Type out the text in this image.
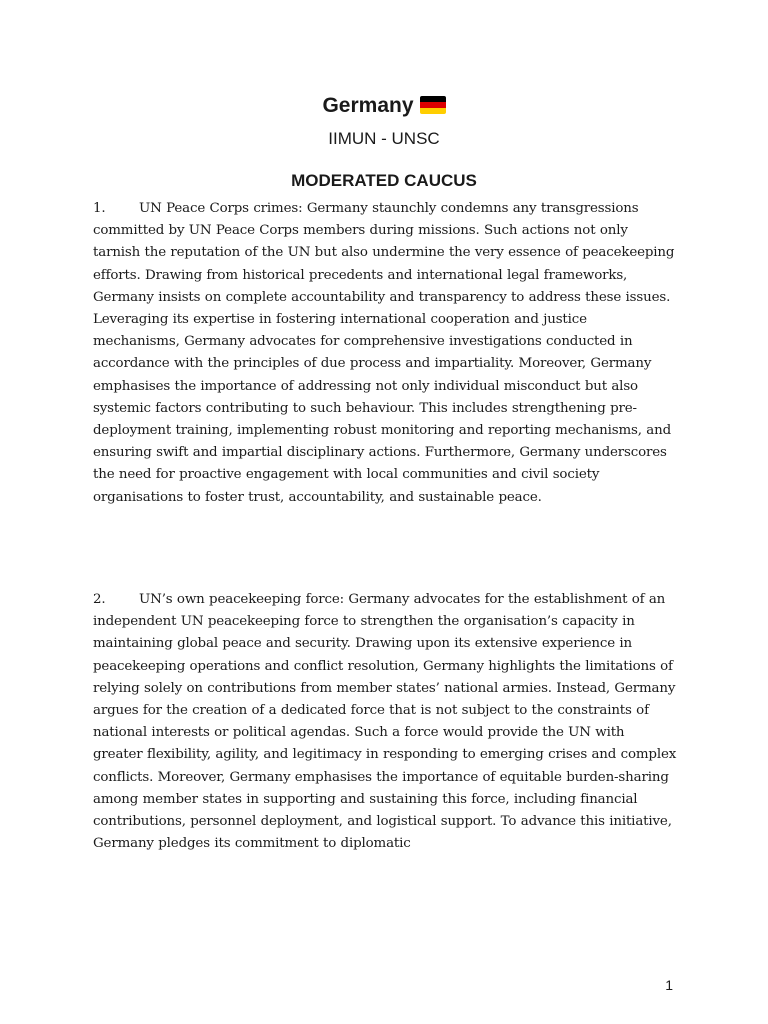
Germany
IIMUN - UNSC
MODERATED CAUCUS

1.	UN Peace Corps crimes: Germany staunchly condemns any transgressions committed by UN Peace Corps members during missions. Such actions not only tarnish the reputation of the UN but also undermine the very essence of peacekeeping efforts. Drawing from historical precedents and international legal frameworks, Germany insists on complete accountability and transparency to address these issues. Leveraging its expertise in fostering international cooperation and justice mechanisms, Germany advocates for comprehensive investigations conducted in accordance with the principles of due process and impartiality. Moreover, Germany emphasises the importance of addressing not only individual misconduct but also systemic factors contributing to such behaviour. This includes strengthening pre-deployment training, implementing robust monitoring and reporting mechanisms, and ensuring swift and impartial disciplinary actions. Furthermore, Germany underscores the need for proactive engagement with local communities and civil society organisations to foster trust, accountability, and sustainable peace.

2.	UN’s own peacekeeping force: Germany advocates for the establishment of an independent UN peacekeeping force to strengthen the organisation’s capacity in maintaining global peace and security. Drawing upon its extensive experience in peacekeeping operations and conflict resolution, Germany highlights the limitations of relying solely on contributions from member states’ national armies. Instead, Germany argues for the creation of a dedicated force that is not subject to the constraints of national interests or political agendas. Such a force would provide the UN with greater flexibility, agility, and legitimacy in responding to emerging crises and complex conflicts. Moreover, Germany emphasises the importance of equitable burden-sharing among member states in supporting and sustaining this force, including financial contributions, personnel deployment, and logistical support. To advance this initiative, Germany pledges its commitment to diplomatic

1
